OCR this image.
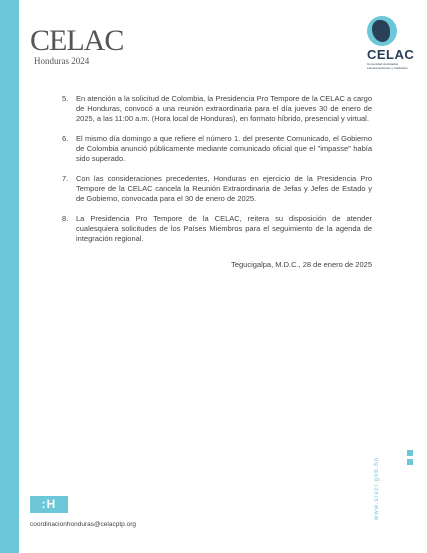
CELAC
Honduras 2024	CELAC
Comunidad de Estados Latinoamericanos y Caribeños
5.	En atención a la solicitud de Colombia, la Presidencia Pro Tempore de la CELAC a cargo de Honduras, convocó a una reunión extraordinaria para el día jueves 30 de enero de 2025, a las 11:00 a.m. (Hora local de Honduras), en formato híbrido, presencial y virtual.
6.	El mismo día domingo a que refiere el número 1. del presente Comunicado, el Gobierno de Colombia anunció públicamente mediante comunicado oficial que el "impasse" había sido superado.
7.	Con las consideraciones precedentes, Honduras en ejercicio de la Presidencia Pro Tempore de la CELAC cancela la Reunión Extraordinaria de Jefas y Jefes de Estado y de Gobierno, convocada para el 30 de enero de 2025.
8.	La Presidencia Pro Tempore de la CELAC, reitera su disposición de atender cualesquiera solicitudes de los Países Miembros para el seguimiento de la agenda de integración regional.
Tegucigalpa, M.D.C., 28 de enero de 2025
:H
coordinacionhonduras@celacptp.org
www.sreci.gob.hn
